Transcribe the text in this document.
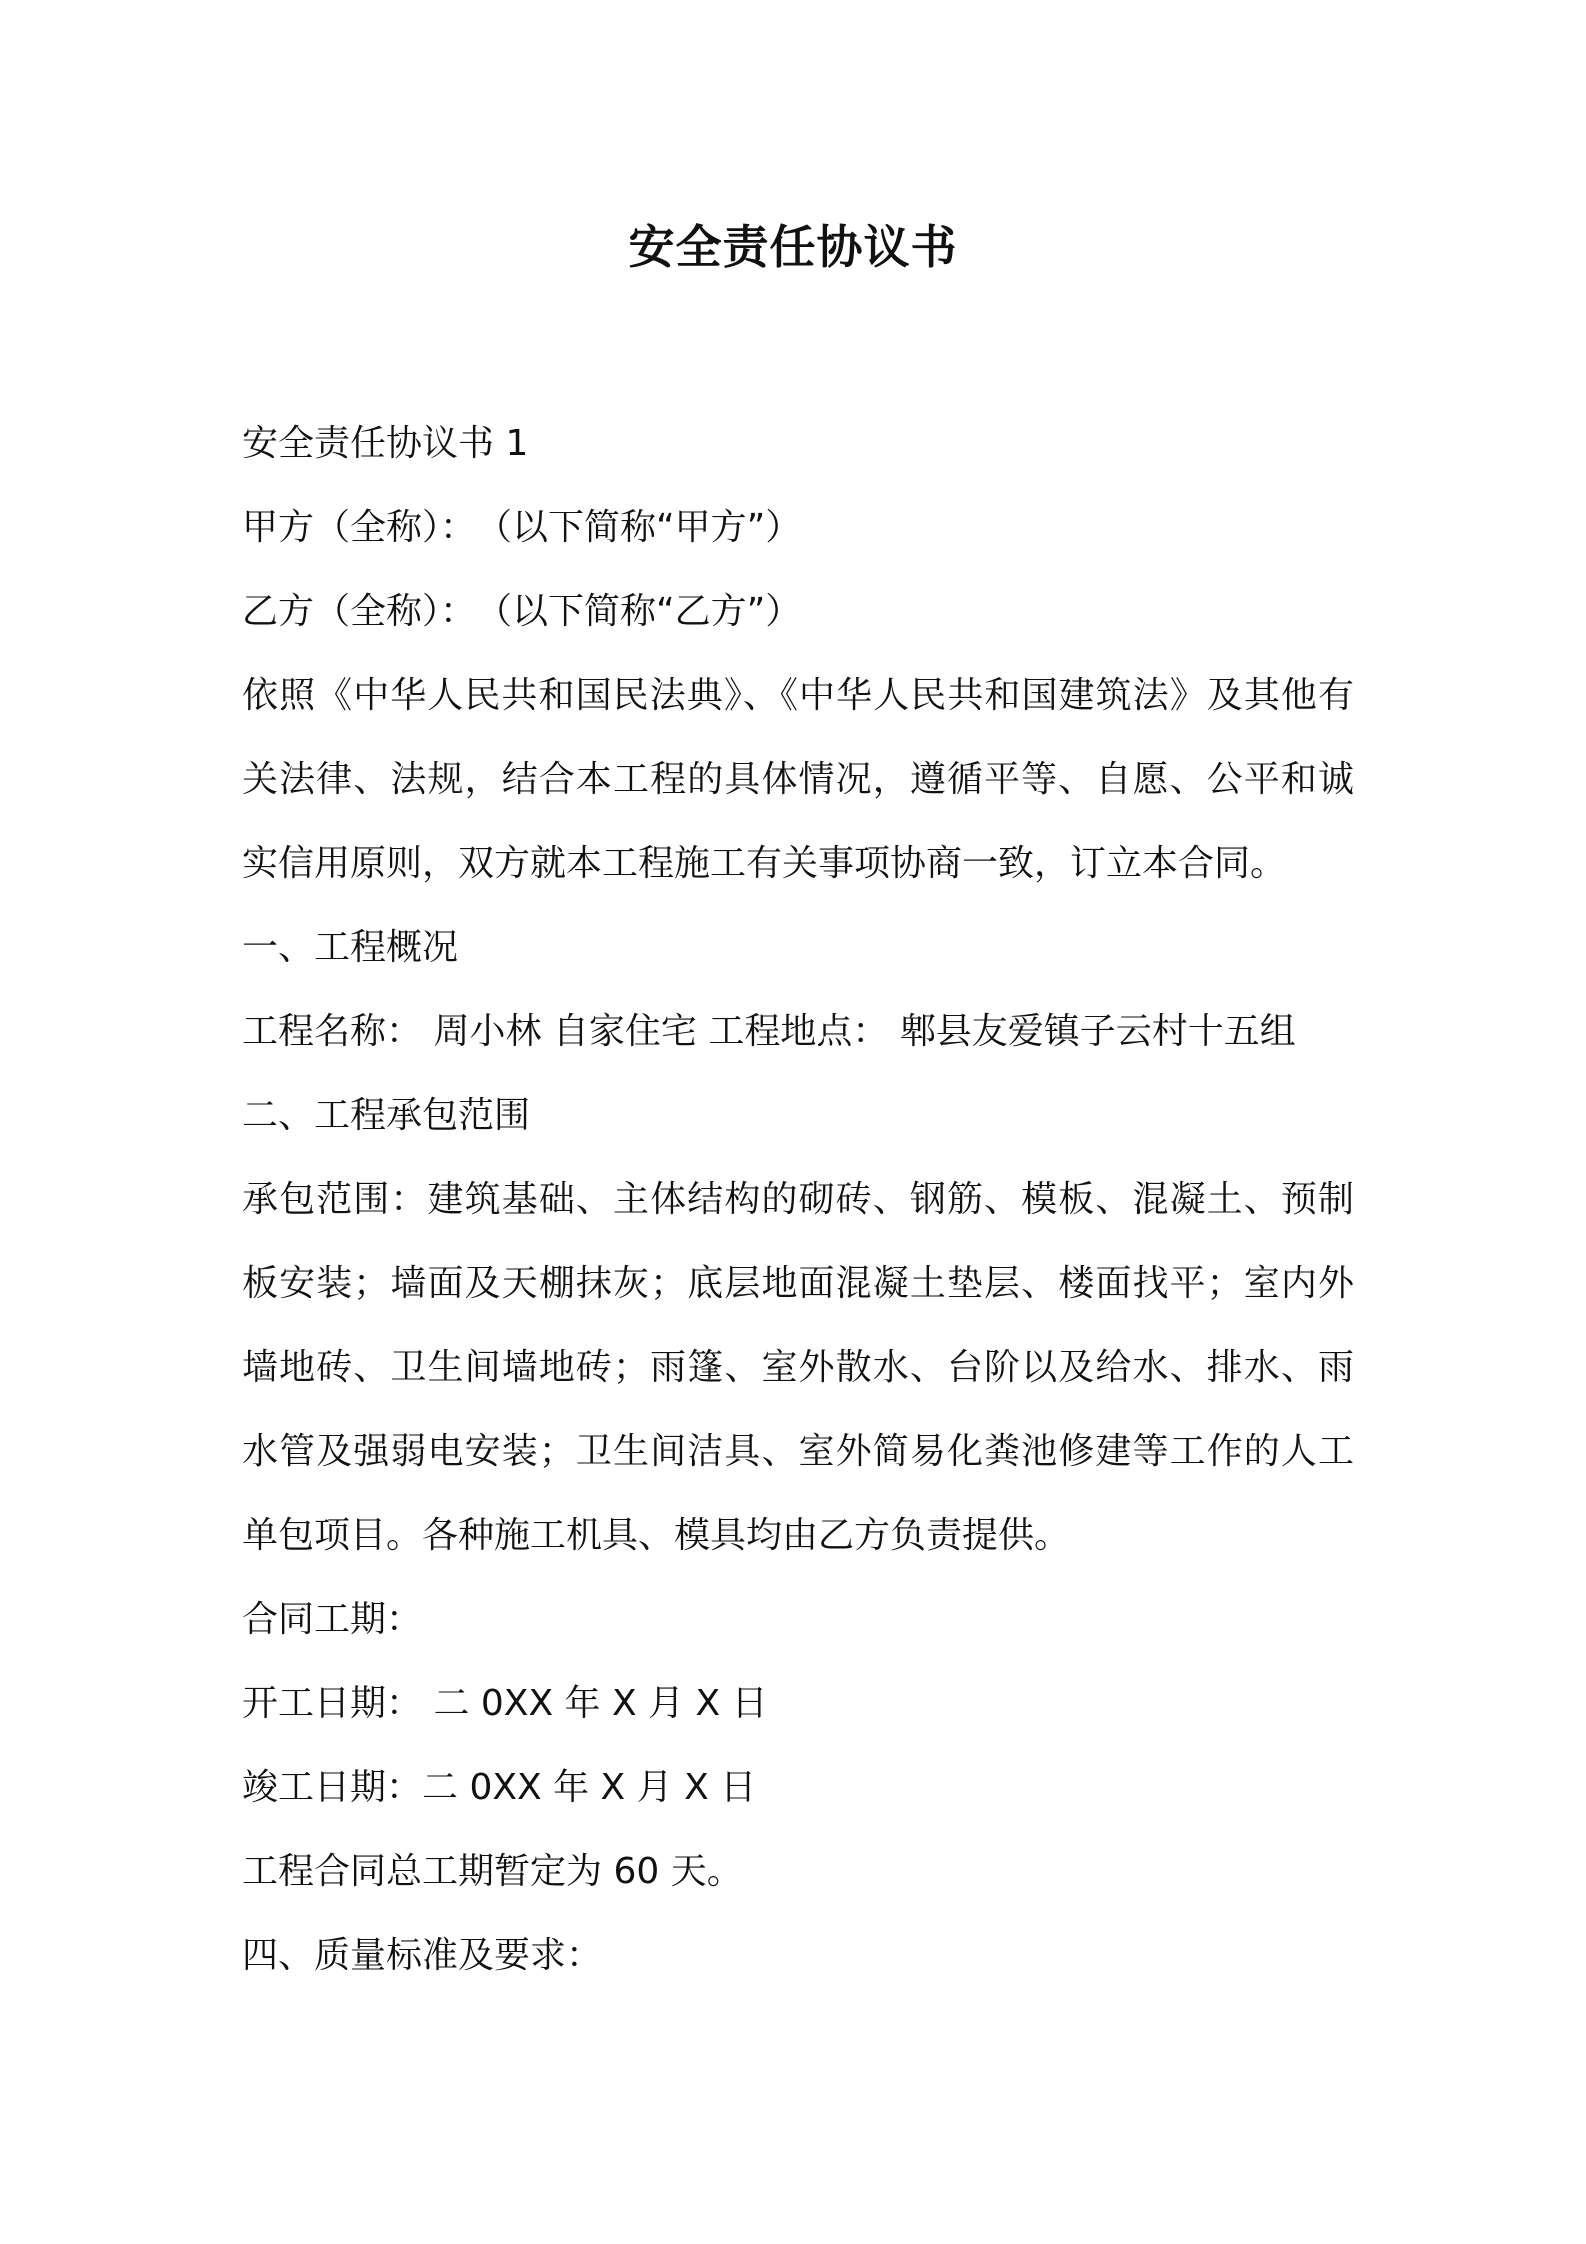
安全责任协议书
安全责任协议书 1
甲方（全称）：　（以下简称“甲方”）
乙方（全称）：　（以下简称“乙方”）
依照《中华人民共和国民法典》、《中华人民共和国建筑法》及其他有关法律、法规，结合本工程的具体情况，遵循平等、自愿、公平和诚实信用原则，双方就本工程施工有关事项协商一致，订立本合同。
一、工程概况
工程名称： 周小林 自家住宅 工程地点： 郫县友爱镇子云村十五组
二、工程承包范围
承包范围：建筑基础、主体结构的砌砖、钢筋、模板、混凝土、预制板安装；墙面及天棚抹灰；底层地面混凝土垫层、楼面找平；室内外墙地砖、卫生间墙地砖；雨篷、室外散水、台阶以及给水、排水、雨水管及强弱电安装；卫生间洁具、室外简易化粪池修建等工作的人工单包项目。各种施工机具、模具均由乙方负责提供。
合同工期：
开工日期： 二 0XX 年 X 月 X 日
竣工日期：二 0XX 年 X 月 X 日
工程合同总工期暂定为 60 天。
四、质量标准及要求：
